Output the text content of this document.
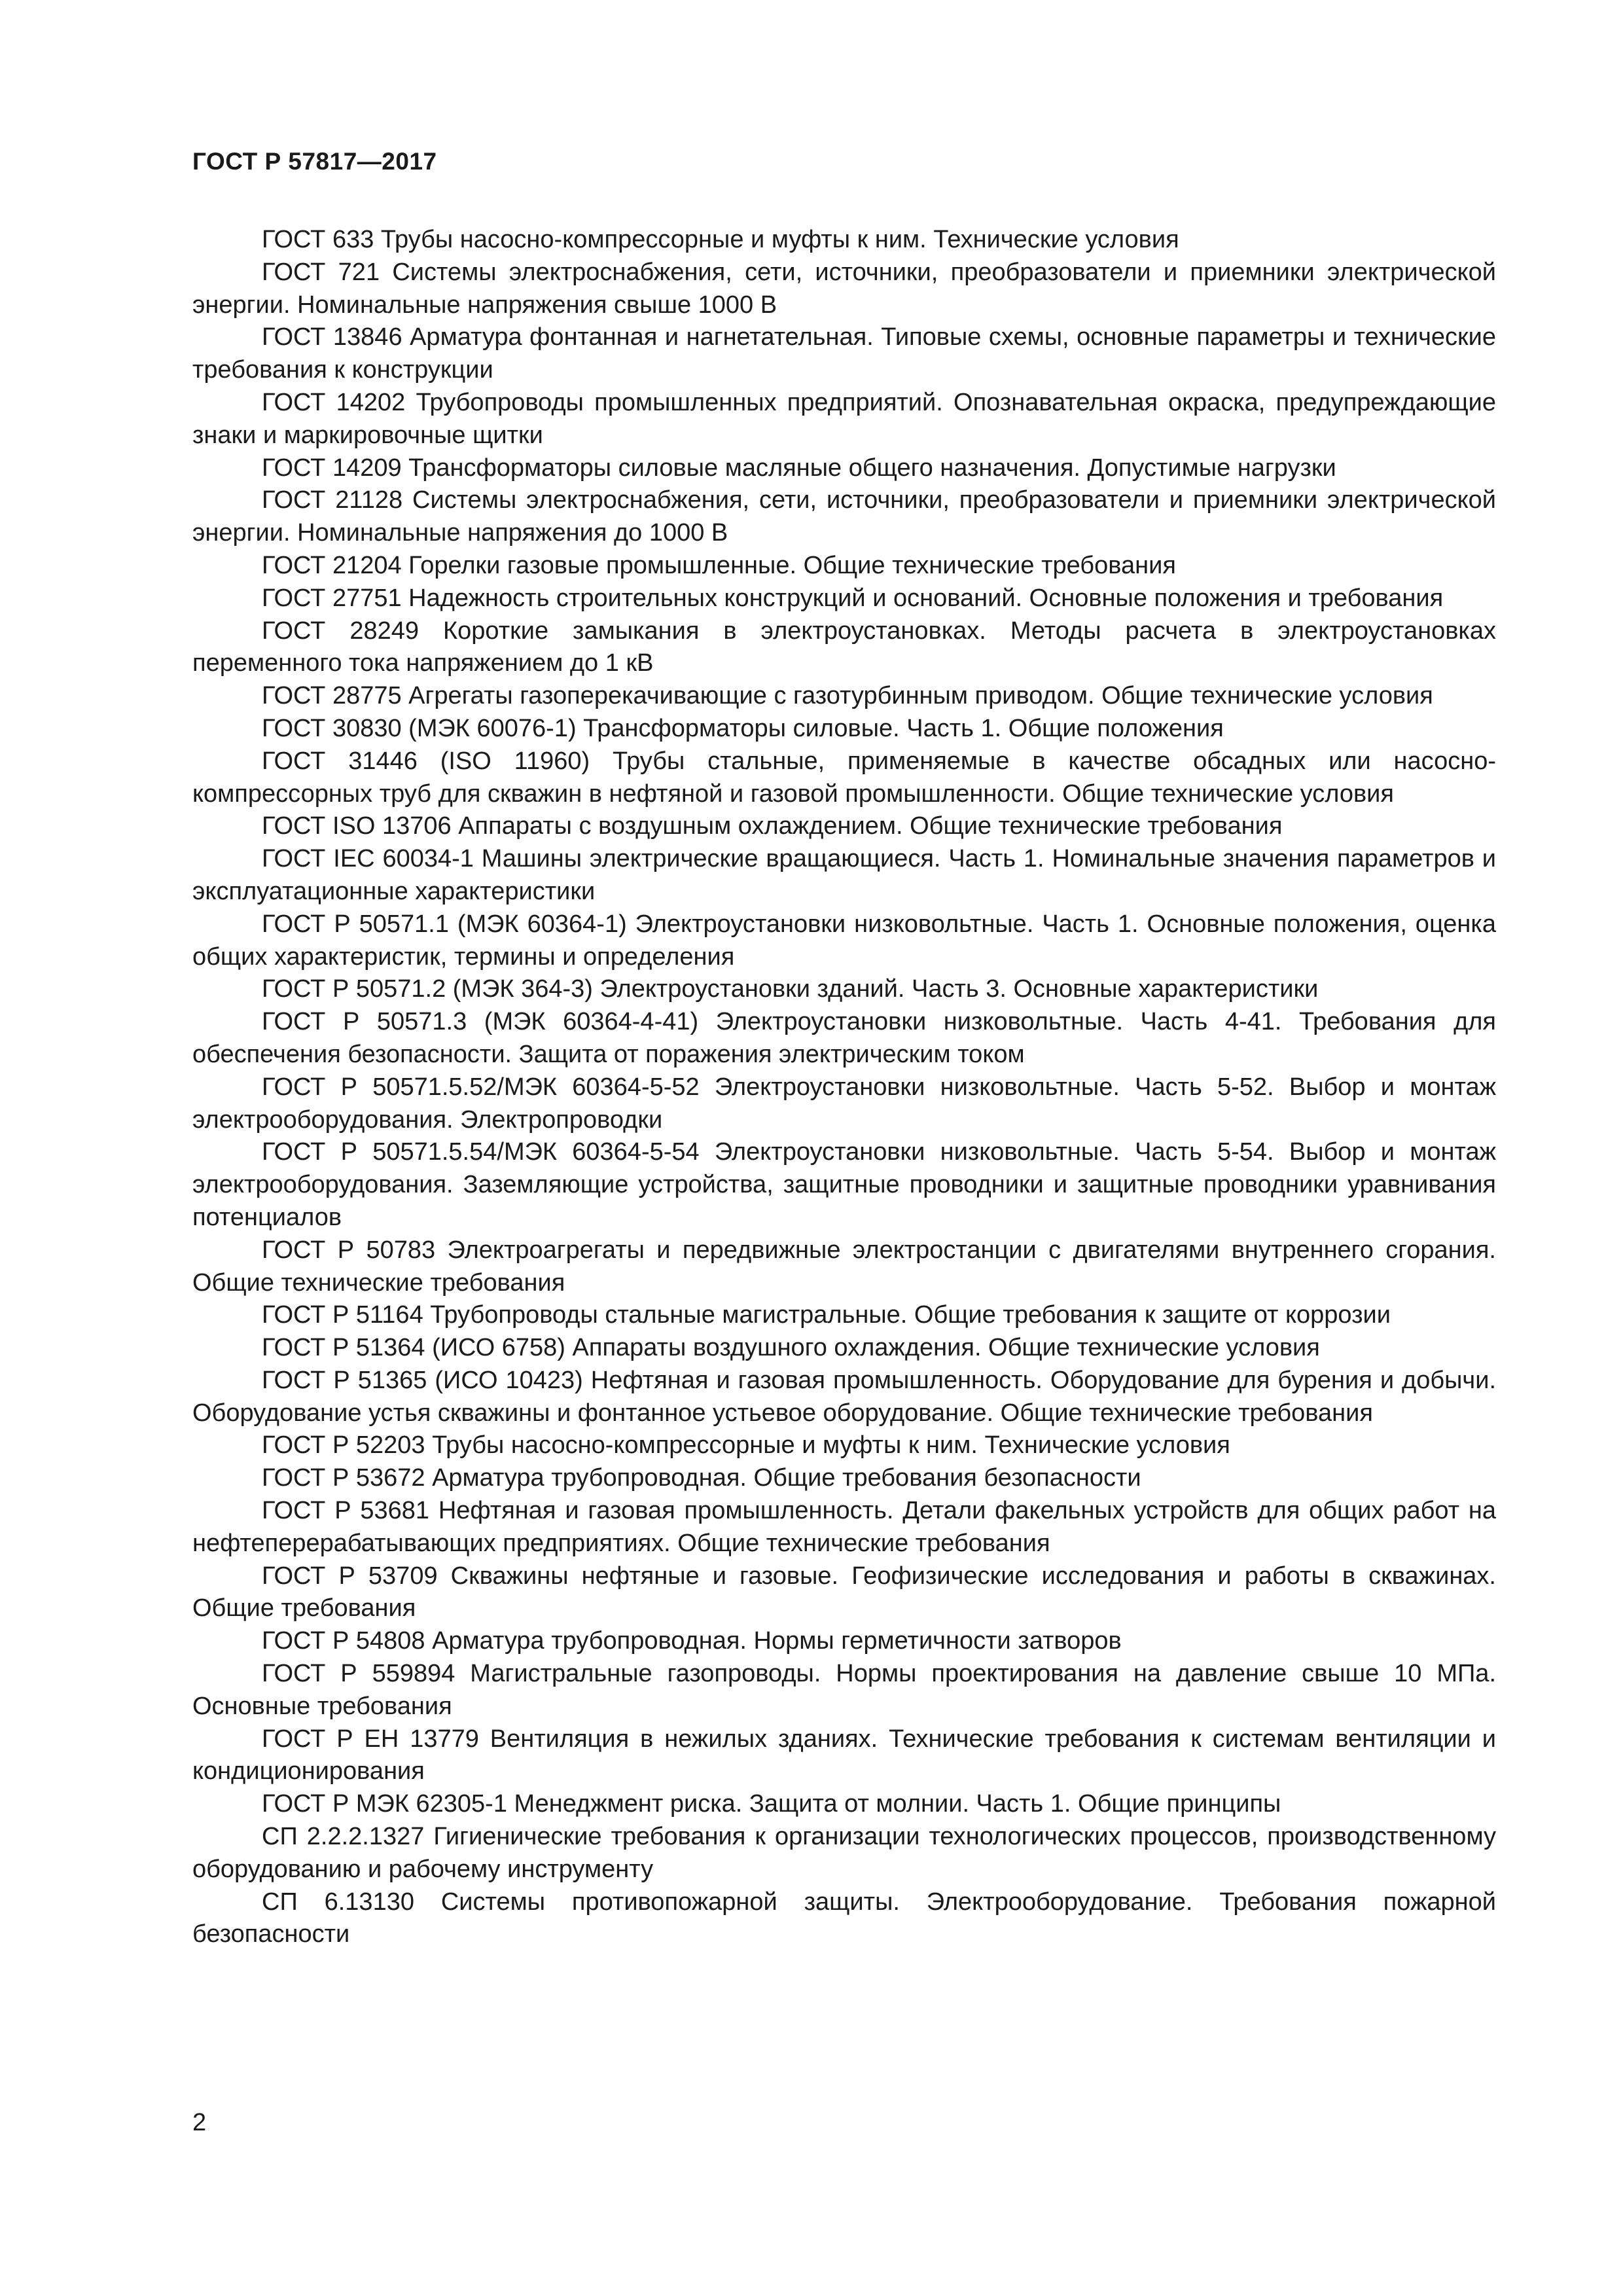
ГОСТ Р 57817—2017
ГОСТ 633 Трубы насосно-компрессорные и муфты к ним. Технические условия
ГОСТ 721 Системы электроснабжения, сети, источники, преобразователи и приемники электрической энергии. Номинальные напряжения свыше 1000 В
ГОСТ 13846 Арматура фонтанная и нагнетательная. Типовые схемы, основные параметры и технические требования к конструкции
ГОСТ 14202 Трубопроводы промышленных предприятий. Опознавательная окраска, предупреждающие знаки и маркировочные щитки
ГОСТ 14209 Трансформаторы силовые масляные общего назначения. Допустимые нагрузки
ГОСТ 21128 Системы электроснабжения, сети, источники, преобразователи и приемники электрической энергии. Номинальные напряжения до 1000 В
ГОСТ 21204 Горелки газовые промышленные. Общие технические требования
ГОСТ 27751 Надежность строительных конструкций и оснований. Основные положения и требования
ГОСТ 28249 Короткие замыкания в электроустановках. Методы расчета в электроустановках переменного тока напряжением до 1 кВ
ГОСТ 28775 Агрегаты газоперекачивающие с газотурбинным приводом. Общие технические условия
ГОСТ 30830 (МЭК 60076-1) Трансформаторы силовые. Часть 1. Общие положения
ГОСТ 31446 (ISO 11960) Трубы стальные, применяемые в качестве обсадных или насосно-компрессорных труб для скважин в нефтяной и газовой промышленности. Общие технические условия
ГОСТ ISO 13706 Аппараты с воздушным охлаждением. Общие технические требования
ГОСТ IEC 60034-1 Машины электрические вращающиеся. Часть 1. Номинальные значения параметров и эксплуатационные характеристики
ГОСТ Р 50571.1 (МЭК 60364-1) Электроустановки низковольтные. Часть 1. Основные положения, оценка общих характеристик, термины и определения
ГОСТ Р 50571.2 (МЭК 364-3) Электроустановки зданий. Часть 3. Основные характеристики
ГОСТ Р 50571.3 (МЭК 60364-4-41) Электроустановки низковольтные. Часть 4-41. Требования для обеспечения безопасности. Защита от поражения электрическим током
ГОСТ Р 50571.5.52/МЭК 60364-5-52 Электроустановки низковольтные. Часть 5-52. Выбор и монтаж электрооборудования. Электропроводки
ГОСТ Р 50571.5.54/МЭК 60364-5-54 Электроустановки низковольтные. Часть 5-54. Выбор и монтаж электрооборудования. Заземляющие устройства, защитные проводники и защитные проводники уравнивания потенциалов
ГОСТ Р 50783 Электроагрегаты и передвижные электростанции с двигателями внутреннего сгорания. Общие технические требования
ГОСТ Р 51164 Трубопроводы стальные магистральные. Общие требования к защите от коррозии
ГОСТ Р 51364 (ИСО 6758) Аппараты воздушного охлаждения. Общие технические условия
ГОСТ Р 51365 (ИСО 10423) Нефтяная и газовая промышленность. Оборудование для бурения и добычи. Оборудование устья скважины и фонтанное устьевое оборудование. Общие технические требования
ГОСТ Р 52203 Трубы насосно-компрессорные и муфты к ним. Технические условия
ГОСТ Р 53672 Арматура трубопроводная. Общие требования безопасности
ГОСТ Р 53681 Нефтяная и газовая промышленность. Детали факельных устройств для общих работ на нефтеперерабатывающих предприятиях. Общие технические требования
ГОСТ Р 53709 Скважины нефтяные и газовые. Геофизические исследования и работы в скважинах. Общие требования
ГОСТ Р 54808 Арматура трубопроводная. Нормы герметичности затворов
ГОСТ Р 559894 Магистральные газопроводы. Нормы проектирования на давление свыше 10 МПа. Основные требования
ГОСТ Р ЕН 13779 Вентиляция в нежилых зданиях. Технические требования к системам вентиляции и кондиционирования
ГОСТ Р МЭК 62305-1 Менеджмент риска. Защита от молнии. Часть 1. Общие принципы
СП 2.2.2.1327 Гигиенические требования к организации технологических процессов, производственному оборудованию и рабочему инструменту
СП 6.13130 Системы противопожарной защиты. Электрооборудование. Требования пожарной безопасности
2
